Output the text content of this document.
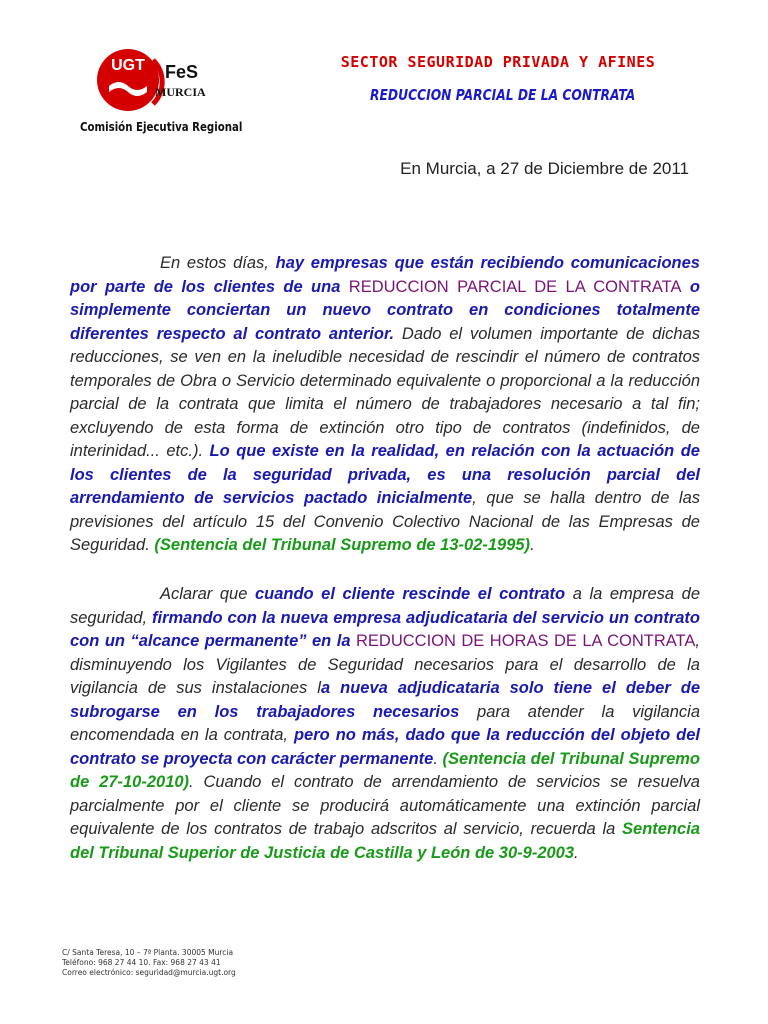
UGT FeS
MURCIA
Comisión Ejecutiva Regional
SECTOR SEGURIDAD PRIVADA Y AFINES
REDUCCION PARCIAL DE LA CONTRATA
En Murcia, a 27 de Diciembre de 2011
En estos días, hay empresas que están recibiendo comunicaciones por parte de los clientes de una REDUCCION PARCIAL DE LA CONTRATA o simplemente conciertan un nuevo contrato en condiciones totalmente diferentes respecto al contrato anterior. Dado el volumen importante de dichas reducciones, se ven en la ineludible necesidad de rescindir el número de contratos temporales de Obra o Servicio determinado equivalente o proporcional a la reducción parcial de la contrata que limita el número de trabajadores necesario a tal fin; excluyendo de esta forma de extinción otro tipo de contratos (indefinidos, de interinidad... etc.). Lo que existe en la realidad, en relación con la actuación de los clientes de la seguridad privada, es una resolución parcial del arrendamiento de servicios pactado inicialmente, que se halla dentro de las previsiones del artículo 15 del Convenio Colectivo Nacional de las Empresas de Seguridad. (Sentencia del Tribunal Supremo de 13-02-1995).
Aclarar que cuando el cliente rescinde el contrato a la empresa de seguridad, firmando con la nueva empresa adjudicataria del servicio un contrato con un “alcance permanente” en la REDUCCION DE HORAS DE LA CONTRATA, disminuyendo los Vigilantes de Seguridad necesarios para el desarrollo de la vigilancia de sus instalaciones la nueva adjudicataria solo tiene el deber de subrogarse en los trabajadores necesarios para atender la vigilancia encomendada en la contrata, pero no más, dado que la reducción del objeto del contrato se proyecta con carácter permanente. (Sentencia del Tribunal Supremo de 27-10-2010). Cuando el contrato de arrendamiento de servicios se resuelva parcialmente por el cliente se producirá automáticamente una extinción parcial equivalente de los contratos de trabajo adscritos al servicio, recuerda la Sentencia del Tribunal Superior de Justicia de Castilla y León de 30-9-2003.
C/ Santa Teresa, 10 – 7ª Planta. 30005 Murcia
Teléfono: 968 27 44 10. Fax: 968 27 43 41
Correo electrónico: seguridad@murcia.ugt.org
